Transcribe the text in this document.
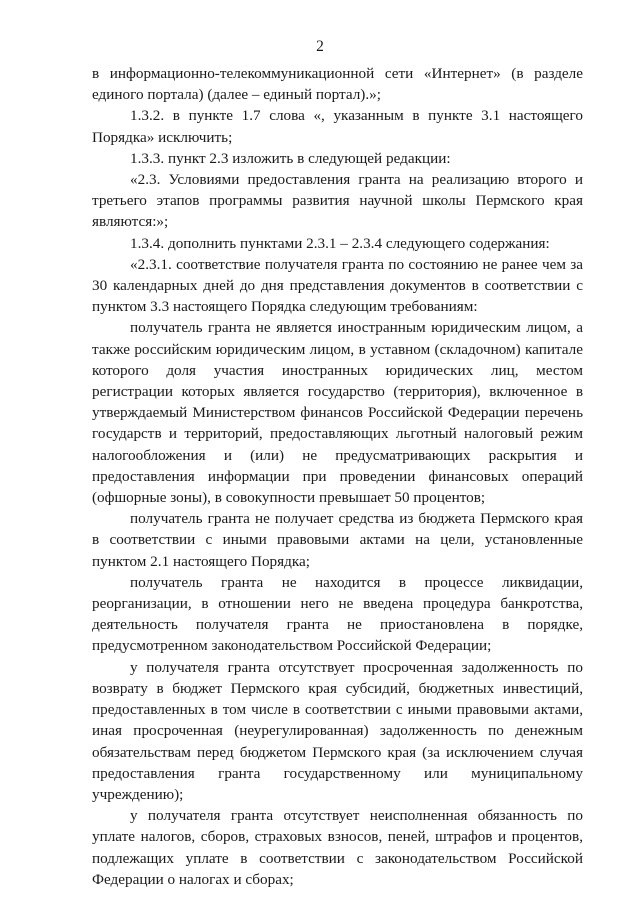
2

в информационно-телекоммуникационной сети «Интернет» (в разделе единого портала) (далее – единый портал).»;

1.3.2. в пункте 1.7 слова «, указанным в пункте 3.1 настоящего Порядка» исключить;

1.3.3. пункт 2.3 изложить в следующей редакции:

«2.3. Условиями предоставления гранта на реализацию второго и третьего этапов программы развития научной школы Пермского края являются:»;

1.3.4. дополнить пунктами 2.3.1 – 2.3.4 следующего содержания:

«2.3.1. соответствие получателя гранта по состоянию не ранее чем за 30 календарных дней до дня представления документов в соответствии с пунктом 3.3 настоящего Порядка следующим требованиям:

получатель гранта не является иностранным юридическим лицом, а также российским юридическим лицом, в уставном (складочном) капитале которого доля участия иностранных юридических лиц, местом регистрации которых является государство (территория), включенное в утверждаемый Министерством финансов Российской Федерации перечень государств и территорий, предоставляющих льготный налоговый режим налогообложения и (или) не предусматривающих раскрытия и предоставления информации при проведении финансовых операций (офшорные зоны), в совокупности превышает 50 процентов;

получатель гранта не получает средства из бюджета Пермского края в соответствии с иными правовыми актами на цели, установленные пунктом 2.1 настоящего Порядка;

получатель гранта не находится в процессе ликвидации, реорганизации, в отношении него не введена процедура банкротства, деятельность получателя гранта не приостановлена в порядке, предусмотренном законодательством Российской Федерации;

у получателя гранта отсутствует просроченная задолженность по возврату в бюджет Пермского края субсидий, бюджетных инвестиций, предоставленных в том числе в соответствии с иными правовыми актами, иная просроченная (неурегулированная) задолженность по денежным обязательствам перед бюджетом Пермского края (за исключением случая предоставления гранта государственному или муниципальному учреждению);

у получателя гранта отсутствует неисполненная обязанность по уплате налогов, сборов, страховых взносов, пеней, штрафов и процентов, подлежащих уплате в соответствии с законодательством Российской Федерации о налогах и сборах;
